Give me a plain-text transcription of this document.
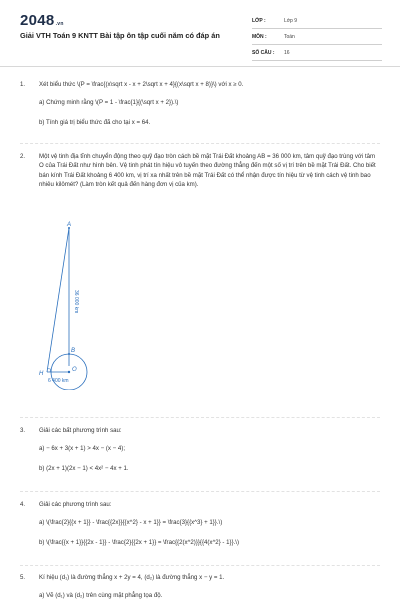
2048.vn
Giải VTH Toán 9 KNTT Bài tập ôn tập cuối năm có đáp án
LỚP :	Lớp 9
MÔN :	Toán
SỐ CÂU : 16
1. Xét biểu thức \(P = \frac{(x\sqrt x - x + 2\sqrt x + 4}{(x\sqrt x + 8)}\) với x ≥ 0.
a) Chứng minh rằng \(P = 1 - \frac{1}{(\sqrt x + 2}).\)
b) Tính giá trị biểu thức đã cho tại x = 64.
2. Một vệ tinh địa tĩnh chuyển động theo quỹ đạo tròn cách bề mặt Trái Đất khoảng AB = 36 000 km, tâm quỹ đạo trùng với tâm O của Trái Đất như hình bên. Vệ tinh phát tín hiệu vô tuyến theo đường thẳng đến một số vị trí trên bề mặt Trái Đất. Cho biết bán kính Trái Đất khoảng 6 400 km, vị trí xa nhất trên bề mặt Trái Đất có thể nhận được tín hiệu từ vệ tinh cách vệ tinh bao nhiêu kilômét? (Làm tròn kết quả đến hàng đơn vị của km).
A
B
O
H
36 000 km
6 400 km
3. Giải các bất phương trình sau:
a) − 6x + 3(x + 1) > 4x − (x − 4);
b) (2x + 1)(2x − 1) < 4x² − 4x + 1.
4. Giải các phương trình sau:
a) \(\frac{2}{{x + 1}} - \frac{{2x}}{{x^2} - x + 1}} = \frac{3}{{x^3} + 1}}.\)
b) \(\frac{{x + 1}}{{2x - 1}} - \frac{2}{{2x + 1}} = \frac{{2(x^2)}}{{4(x^2} - 1}}.\)
5. Kí hiệu (d₁) là đường thẳng x + 2y = 4, (d₂) là đường thẳng x − y = 1.
a) Vẽ (d₁) và (d₂) trên cùng mặt phẳng tọa độ.
